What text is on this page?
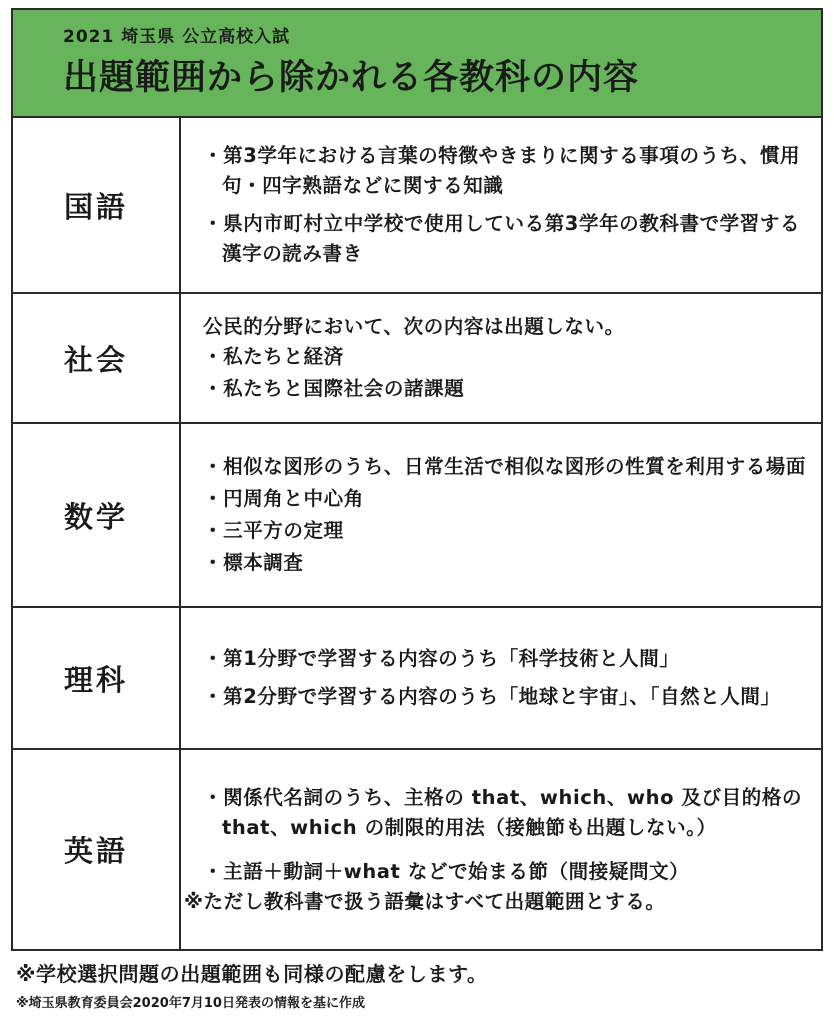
2021 埼玉県 公立高校入試
出題範囲から除かれる各教科の内容
国語
・第3学年における言葉の特徴やきまりに関する事項のうち、慣用句・四字熟語などに関する知識
・県内市町村立中学校で使用している第3学年の教科書で学習する漢字の読み書き
社会
公民的分野において、次の内容は出題しない。
・私たちと経済
・私たちと国際社会の諸課題
数学
・相似な図形のうち、日常生活で相似な図形の性質を利用する場面
・円周角と中心角
・三平方の定理
・標本調査
理科
・第1分野で学習する内容のうち「科学技術と人間」
・第2分野で学習する内容のうち「地球と宇宙」、「自然と人間」
英語
・関係代名詞のうち、主格の that、which、who 及び目的格の that、which の制限的用法（接触節も出題しない。）
・主語＋動詞＋what などで始まる節（間接疑問文）
※ただし教科書で扱う語彙はすべて出題範囲とする。
※学校選択問題の出題範囲も同様の配慮をします。
※埼玉県教育委員会2020年7月10日発表の情報を基に作成
